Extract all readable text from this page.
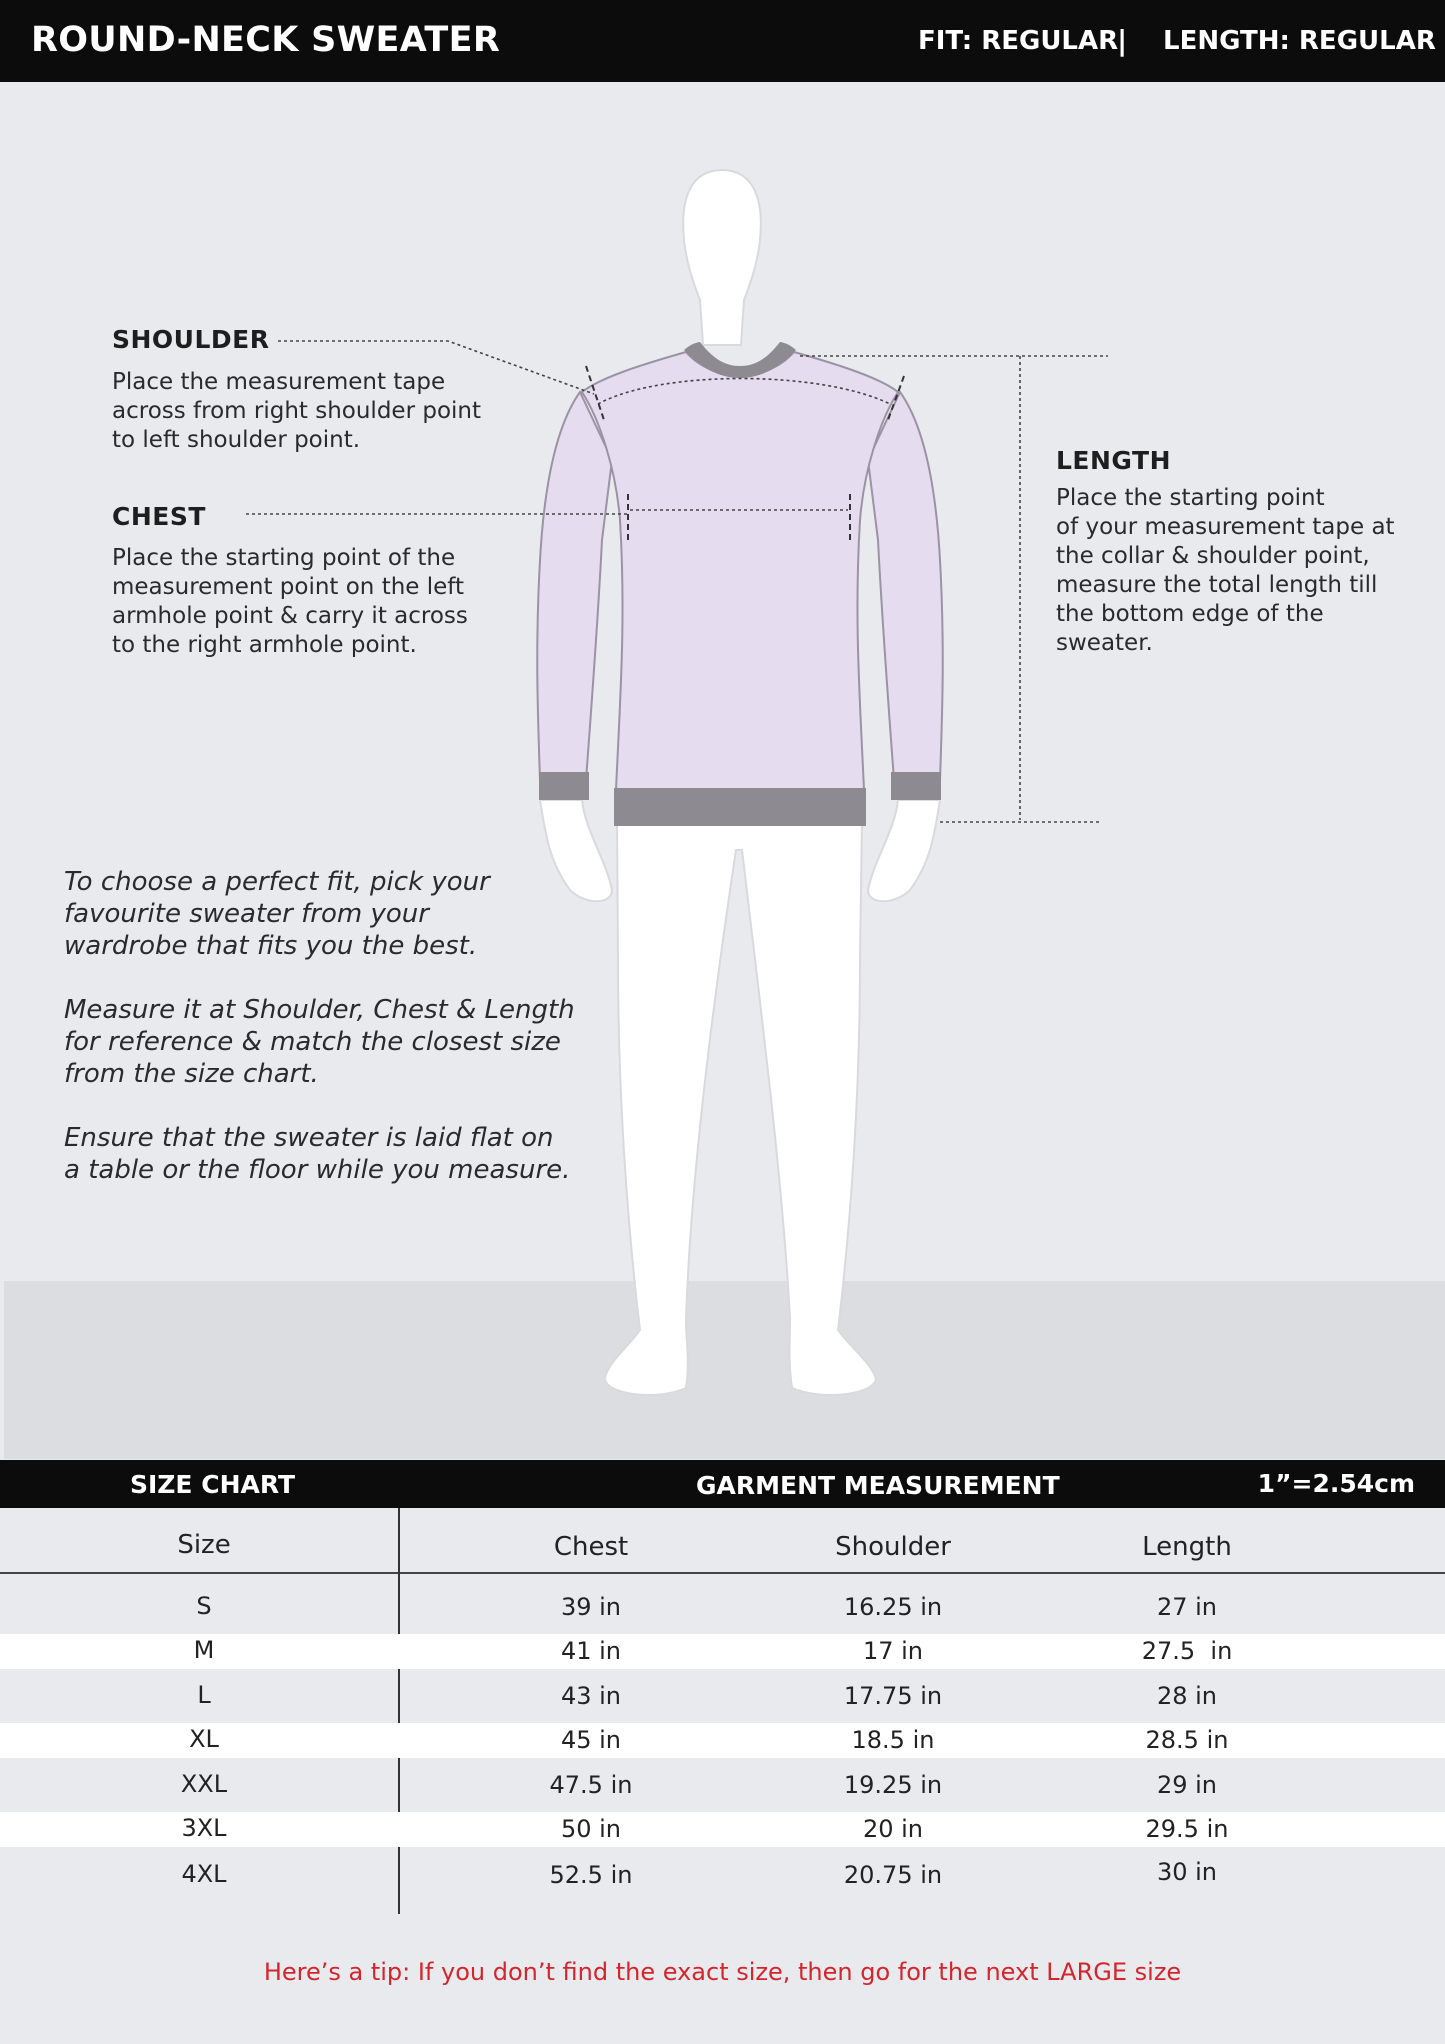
ROUND-NECK SWEATER	FIT: REGULAR
| LENGTH: REGULAR
SHOULDER
Place the measurement tape
across from right shoulder point
to left shoulder point.
CHEST
Place the starting point of the
measurement point on the left
armhole point & carry it across
to the right armhole point.
LENGTH
Place the starting point
of your measurement tape at
the collar & shoulder point,
measure the total length till
the bottom edge of the
sweater.

To choose a perfect fit, pick your
favourite sweater from your
wardrobe that fits you the best.

Measure it at Shoulder, Chest & Length
for reference & match the closest size
from the size chart.

Ensure that the sweater is laid flat on
a table or the floor while you measure.

SIZE CHART	GARMENT MEASUREMENT	1”=2.54cm
Size	Chest	Shoulder	Length
S	39 in	16.25 in	27 in
M	41 in	17 in	27.5  in
L	43 in	17.75 in	28 in
XL	45 in	18.5 in	28.5 in
XXL	47.5 in	19.25 in	29 in
3XL	50 in	20 in	29.5 in
4XL	52.5 in	20.75 in	30 in
Here’s a tip: If you don’t find the exact size, then go for the next LARGE size
